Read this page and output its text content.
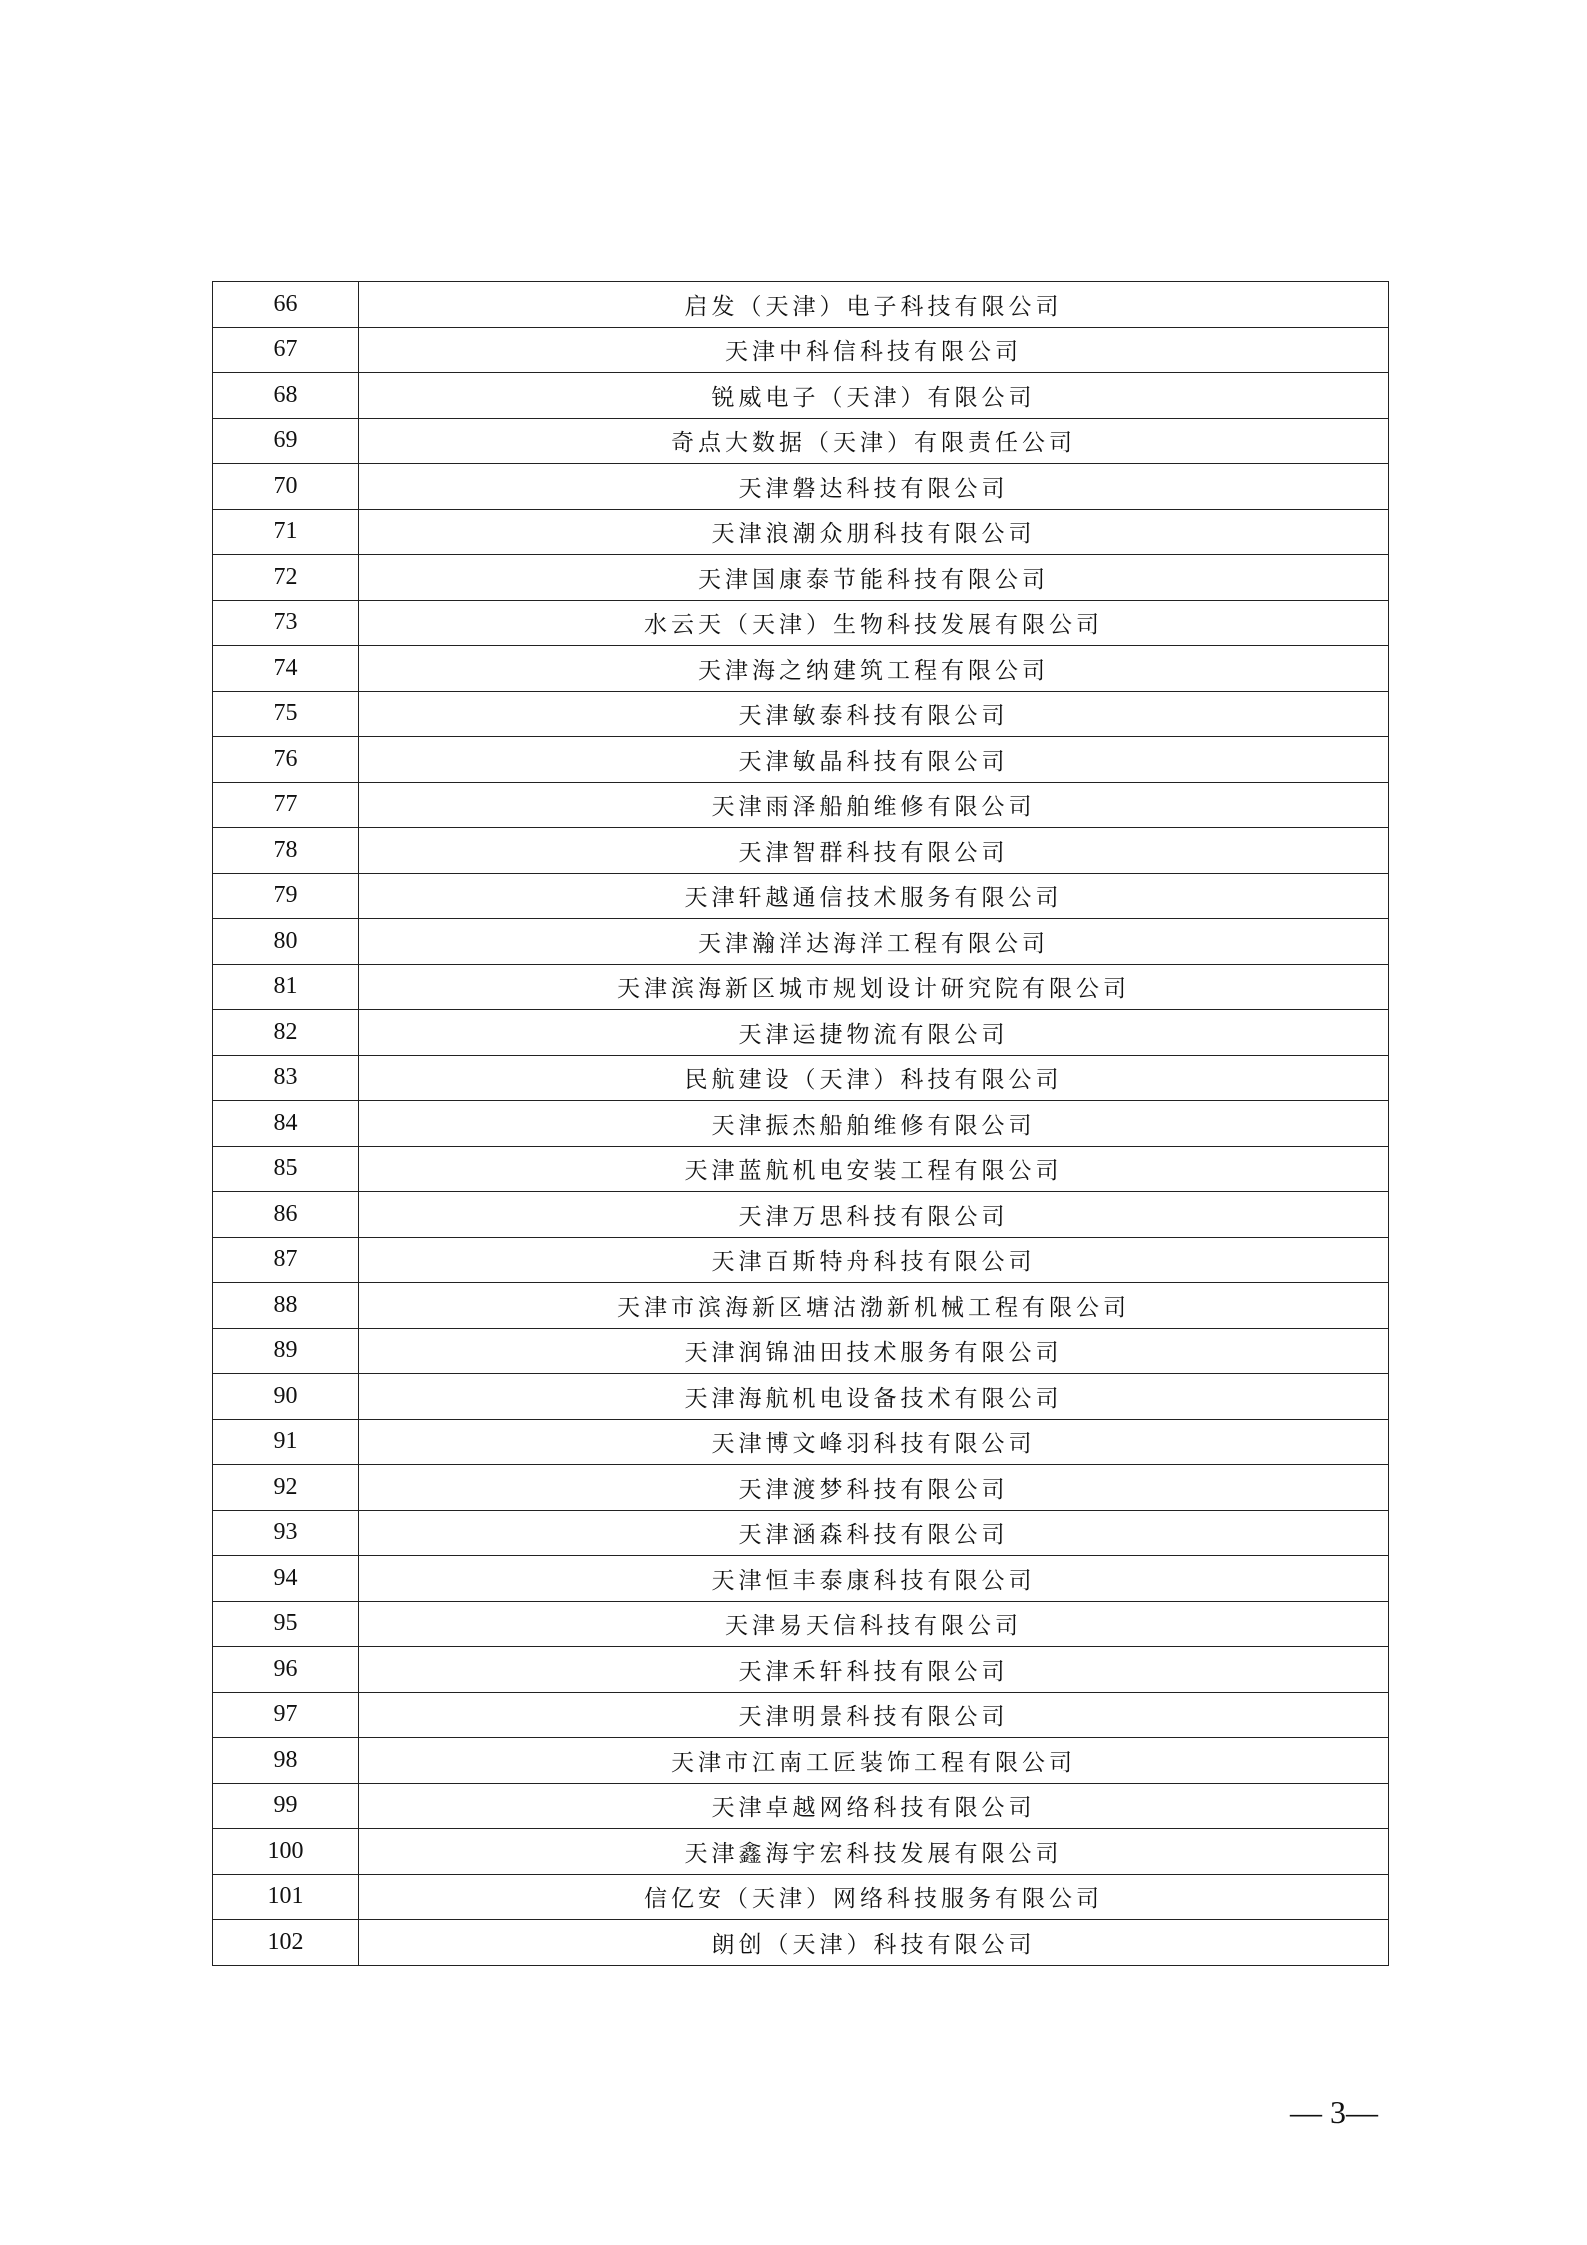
66	启发（天津）电子科技有限公司
67	天津中科信科技有限公司
68	锐威电子（天津）有限公司
69	奇点大数据（天津）有限责任公司
70	天津磐达科技有限公司
71	天津浪潮众朋科技有限公司
72	天津国康泰节能科技有限公司
73	水云天（天津）生物科技发展有限公司
74	天津海之纳建筑工程有限公司
75	天津敏泰科技有限公司
76	天津敏晶科技有限公司
77	天津雨泽船舶维修有限公司
78	天津智群科技有限公司
79	天津轩越通信技术服务有限公司
80	天津瀚洋达海洋工程有限公司
81	天津滨海新区城市规划设计研究院有限公司
82	天津运捷物流有限公司
83	民航建设（天津）科技有限公司
84	天津振杰船舶维修有限公司
85	天津蓝航机电安装工程有限公司
86	天津万思科技有限公司
87	天津百斯特舟科技有限公司
88	天津市滨海新区塘沽渤新机械工程有限公司
89	天津润锦油田技术服务有限公司
90	天津海航机电设备技术有限公司
91	天津博文峰羽科技有限公司
92	天津渡梦科技有限公司
93	天津涵森科技有限公司
94	天津恒丰泰康科技有限公司
95	天津易天信科技有限公司
96	天津禾轩科技有限公司
97	天津明景科技有限公司
98	天津市江南工匠装饰工程有限公司
99	天津卓越网络科技有限公司
100	天津鑫海宇宏科技发展有限公司
101	信亿安（天津）网络科技服务有限公司
102	朗创（天津）科技有限公司
— 3—
